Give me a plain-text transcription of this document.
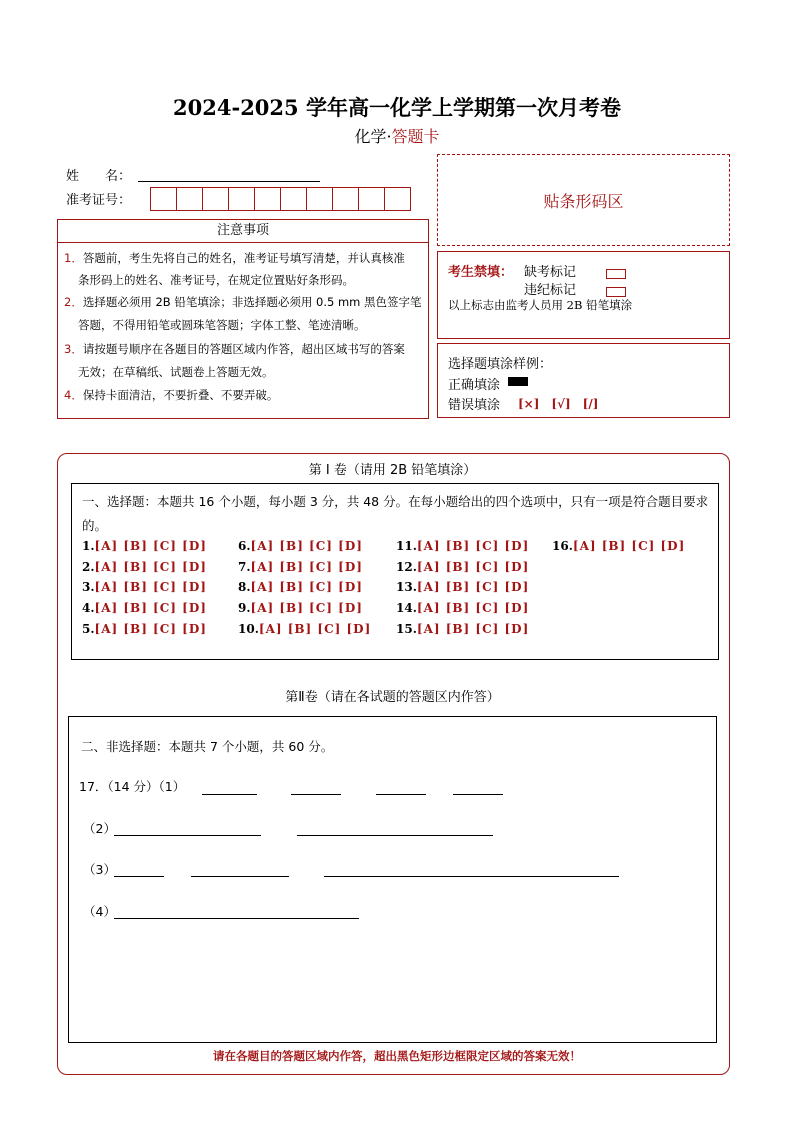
2024-2025 学年高一化学上学期第一次月考卷
化学·答题卡
姓　　名：
准考证号：
注意事项
1．答题前，考生先将自己的姓名，准考证号填写清楚，并认真核准
条形码上的姓名、准考证号，在规定位置贴好条形码。
2．选择题必须用 2B 铅笔填涂；非选择题必须用 0.5 mm 黑色签字笔
答题，不得用铅笔或圆珠笔答题；字体工整、笔迹清晰。
3．请按题号顺序在各题目的答题区域内作答，超出区域书写的答案
无效；在草稿纸、试题卷上答题无效。
4．保持卡面清洁，不要折叠、不要弄破。
贴条形码区
考生禁填： 缺考标记
违纪标记
以上标志由监考人员用 2B 铅笔填涂
选择题填涂样例：
正确填涂
错误填涂 [×]　[√]　[/]
第 I 卷（请用 2B 铅笔填涂）
一、选择题：本题共 16 个小题，每小题 3 分，共 48 分。在每小题给出的四个选项中，只有一项是符合题目要求的。
1.[A] [B] [C] [D]
2.[A] [B] [C] [D]
3.[A] [B] [C] [D]
4.[A] [B] [C] [D]
5.[A] [B] [C] [D]
6.[A] [B] [C] [D]
7.[A] [B] [C] [D]
8.[A] [B] [C] [D]
9.[A] [B] [C] [D]
10.[A] [B] [C] [D]
11.[A] [B] [C] [D]
12.[A] [B] [C] [D]
13.[A] [B] [C] [D]
14.[A] [B] [C] [D]
15.[A] [B] [C] [D]
16.[A] [B] [C] [D]
第Ⅱ卷（请在各试题的答题区内作答）
二、非选择题：本题共 7 个小题，共 60 分。
17．（14 分）（1）
（2）
（3）
（4）
请在各题目的答题区域内作答，超出黑色矩形边框限定区域的答案无效！
